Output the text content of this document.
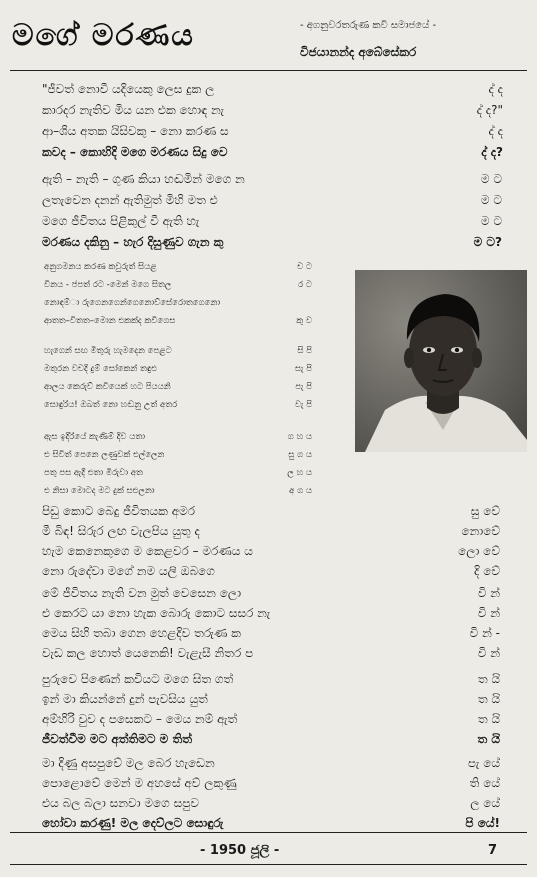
මගේ මරණය	- අගනුවරතරුණ කවි සමාජයේ -
විජයානන්ද අබේසේකර
"ජීවත් නොවී යදියෙකු ලෙස දුක ල	ද් ද
කාරදර නැතිව මිය යන එක හොඳ නැ	ද් ද?"
ආ–ශිය අතක යිසිවකු – නො කරණ ස	ද් ද
කවද – කොහිදි මගෙ මරණය සිදු වෙ	ද් ද?
ඇති – නැති – ගුණ කියා හඬමින් මගෙ න	ම ට
ලතැවෙන දනන් ඇතිමුත් මිහි මත එ	ම ට
මගෙ ජීවිතය පිළිකුල් වී ඇති හැ	ම ට
මරණය දකිනු – හැර දිසුණුව ගැන කු	ම ට?
අනුගමනය කරණ කවුරුත් සියළ	ච ට
විනය - ජපත් රට -මෙන් මගෙ සිතල	ර ට
නොඳම්ා රුගෙනගෙන්ගෙනොව්සේරොතගෙනො
ආතත–විතත–මොන එකක්ද කවිගෙස	කු ව
හැගෙන් සඟ මිතුරු හැමදෙන පෙළට	සි පි
මතුරන වචදි දුම් සෝකෙන් තඳුළු	සැ පි
ආලය කෙරුව් කවියෙක් හට පියයනි	පැ පි
සොඳුරිය! ඔබත් නො හඬනු උත් අතර	වැ පි
ඇස ඉදිරියේ කැණිම් දිව යතා	ග හ ය
එ සිවිත් පෙනෙ ලණුවක් එල්ලෙන	සු ග ය
පතු පස ඇදී එතා මිරුවා අත	ල හ ය
එ නිසා මොටද මට දුක් සළුලනා	අ ග ය
පිඩු කොට බෙදු ජීවිතයක අමර	සු වේ
මී බිඳ! සිරුර ලඟ වැලපිය යුතු ද	නොවේ
හැම කෙනෙකුගෙ ම කෙළවර – මරණය ය	ලො වේ
නො රුදේවා මගේ නම යලි ඔබගෙ	දි වේ
මේ ජීවිතය නැති වන මුත් වෙසෙන ලො	වි න්
එ කෙරට යා නො හැක බොරු කොට සසර නැ	වි න්
මෙය සිහි තබා ගෙන හෙළදිව තරුණ ක	වි න් -
වැඩ කල හොත් යෙනෙකි! වැළැසී නිතර ප	වි න්
පුරුවෙ පිණෙන් කවියට මගෙ සිත ගත්	ත යි
ඉන් මා කියන්නේ දුන් පැවසිය යුත්	ත යි
අම්හිරි වුව ද පසෙකට – මෙය නම් ඇත්	ත යි
ජීවත්වීම මට අත්තිමට ම තිත්	ත යි
මා දිණු අසපුවේ මල බෙර හැඩෙන	පැ යේ
පොළොවේ මෙන් ම අහසේ අව් ලකුණු	ති යේ
එය බල බලා සනවා මගෙ සපුව	ල යේ
හෝවා කරණු! මල දෙව්ලට සොඳුරු	පි යේ!
- 1950 ජූලි -	7
